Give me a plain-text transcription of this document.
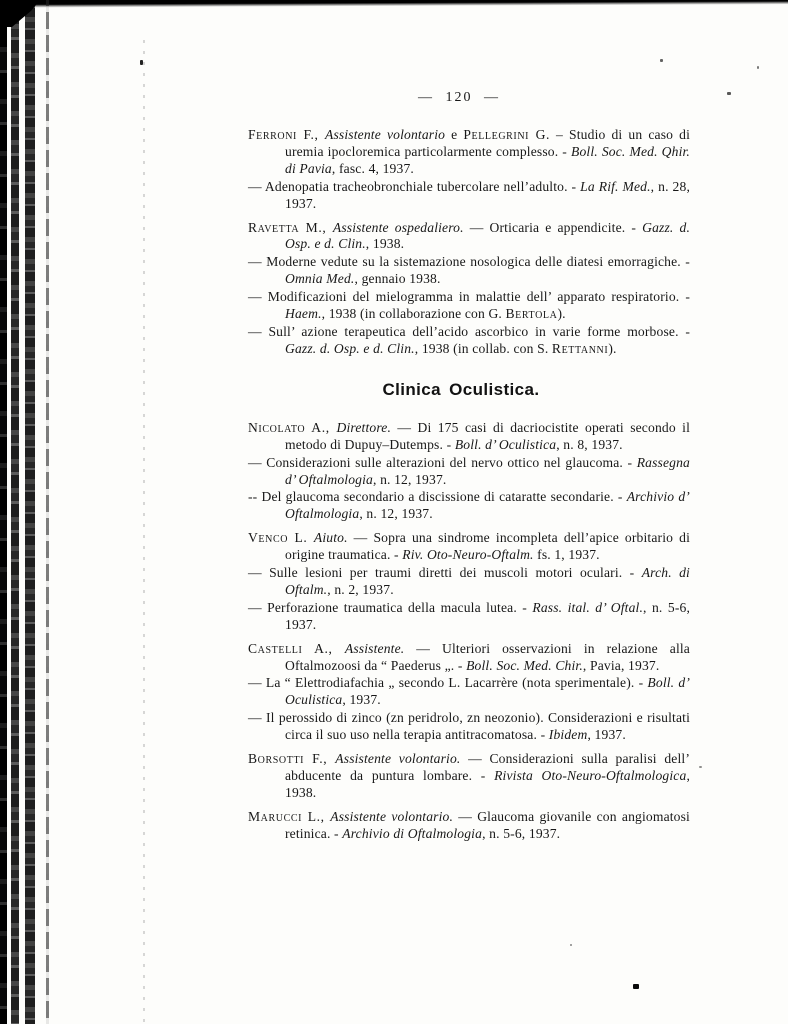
— 120 —

Ferroni F., Assistente volontario e Pellegrini G. – Studio di un caso di uremia ipocloremica particolarmente complesso. - Boll. Soc. Med. Qhir. di Pavia, fasc. 4, 1937.

— Adenopatia tracheobronchiale tubercolare nell’adulto. - La Rif. Med., n. 28, 1937.

Ravetta M., Assistente ospedaliero. — Orticaria e appendicite. - Gazz. d. Osp. e d. Clin., 1938.

— Moderne vedute su la sistemazione nosologica delle diatesi emorragiche. - Omnia Med., gennaio 1938.

— Modificazioni del mielogramma in malattie dell’ apparato respiratorio. - Haem., 1938 (in collaborazione con G. Bertola).

— Sull’ azione terapeutica dell’acido ascorbico in varie forme morbose. - Gazz. d. Osp. e d. Clin., 1938 (in collab. con S. Rettanni).

Clinica Oculistica.

Nicolato A., Direttore. — Di 175 casi di dacriocistite operati secondo il metodo di Dupuy–Dutemps. - Boll. d’ Oculistica, n. 8, 1937.

— Considerazioni sulle alterazioni del nervo ottico nel glaucoma. - Rassegna d’ Oftalmologia, n. 12, 1937.

-- Del glaucoma secondario a discissione di cataratte secondarie. - Archivio d’ Oftalmologia, n. 12, 1937.

Venco L. Aiuto. — Sopra una sindrome incompleta dell’apice orbitario di origine traumatica. - Riv. Oto-Neuro-Oftalm. fs. 1, 1937.

— Sulle lesioni per traumi diretti dei muscoli motori oculari. - Arch. di Oftalm., n. 2, 1937.

— Perforazione traumatica della macula lutea. - Rass. ital. d’ Oftal., n. 5-6, 1937.

Castelli A., Assistente. — Ulteriori osservazioni in relazione alla Oftalmozoosi da “ Paederus „. - Boll. Soc. Med. Chir., Pavia, 1937.

— La “ Elettrodiafachia „ secondo L. Lacarrère (nota sperimentale). - Boll. d’ Oculistica, 1937.

— Il perossido di zinco (zn peridrolo, zn neozonio). Considerazioni e risultati circa il suo uso nella terapia antitracomatosa. - Ibidem, 1937.

Borsotti F., Assistente volontario. — Considerazioni sulla paralisi dell’ abducente da puntura lombare. - Rivista Oto-Neuro-Oftalmologica, 1938.

Marucci L., Assistente volontario. — Glaucoma giovanile con angiomatosi retinica. - Archivio di Oftalmologia, n. 5-6, 1937.
